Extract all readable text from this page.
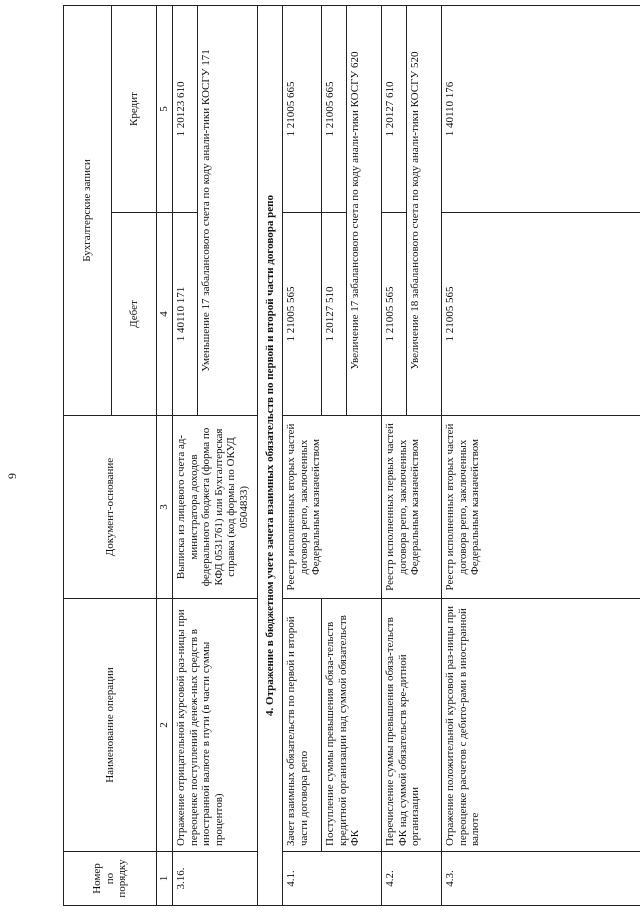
9
Номер по порядку	Наименование операции	Документ-основание	Бухгалтерские записи	
			Дебет	Кредит
1	2	3	4	5
3.16.	Отражение отрицательной курсовой раз-ницы при переоценке поступлений денеж-ных средств в иностранной валюте в пути (в части суммы процентов)	Выписка из лицевого счета ад-министратора доходов федерального бюджета (форма по КФД 0531761) или Бухгалтерская справка (код формы по ОКУД 0504833)	1 40110 171	1 20123 610
			Уменьшение 17 забалансового счета по коду анали-тики КОСГУ 171	
4. Отражение в бюджетном учете зачета взаимных обязательств по первой и второй части договора репо				
4.1.	Зачет взаимных обязательств по первой и второй части договора репо	Реестр исполненных вторых частей договора репо, заключенных Федеральным казначейством	1 21005 565	1 21005 665
	Поступление суммы превышения обяза-тельств кредитной организации над суммой обязательств ФК		1 20127 510	1 21005 665
			Увеличение 17 забалансового счета по коду анали-тики КОСГУ 620	
4.2.	Перечисление суммы превышения обяза-тельств ФК над суммой обязательств кре-дитной организации	Реестр исполненных первых частей договора репо, заключенных Федеральным казначейством	1 21005 565	1 20127 610
			Увеличение 18 забалансового счета по коду анали-тики КОСГУ 520	
4.3.	Отражение положительной курсовой раз-ницы при переоценке расчетов с дебито-рами в иностранной валюте	Реестр исполненных вторых частей договора репо, заключенных Федеральным казначейством	1 21005 565	1 40110 176
